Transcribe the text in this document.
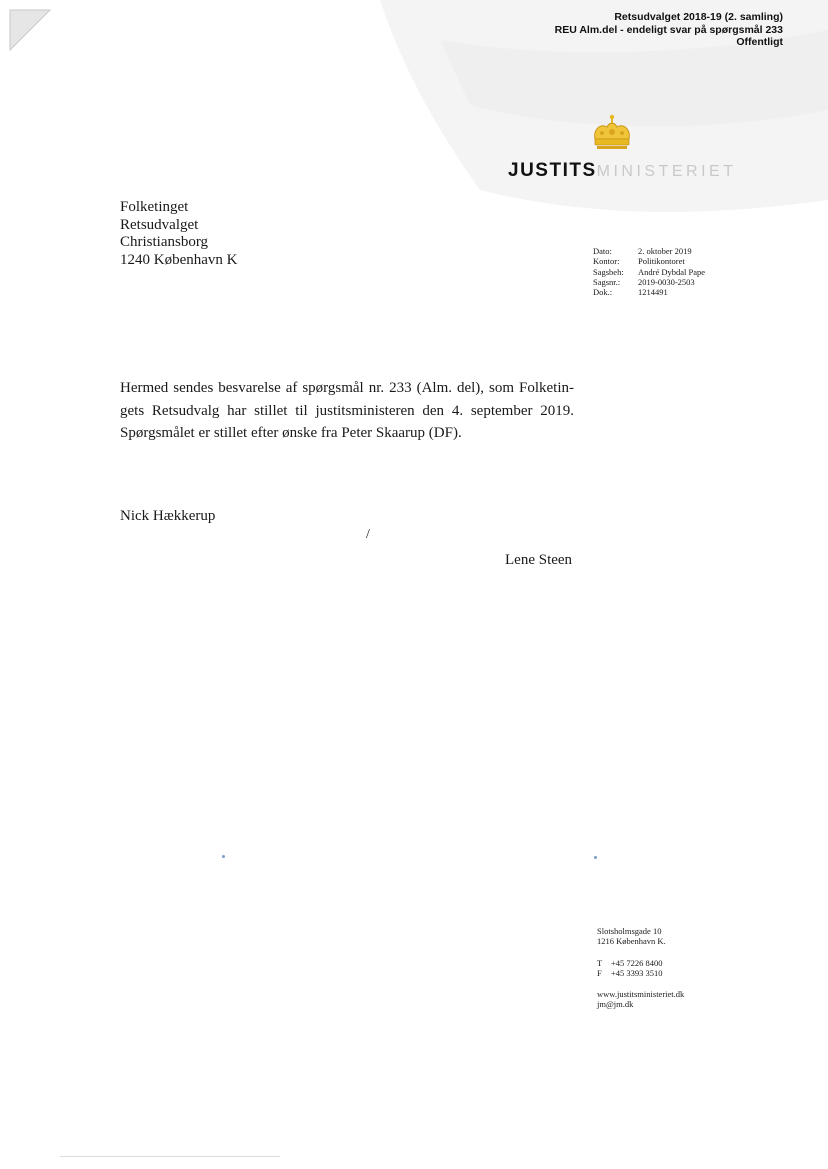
Retsudvalget 2018-19 (2. samling)
REU Alm.del - endeligt svar på spørgsmål 233
Offentligt
JUSTITSMINISTERIET
Folketinget
Retsudvalget
Christiansborg
1240 København K
Dato:	2. oktober 2019
Kontor:	Politikontoret
Sagsbeh:	André Dybdal Pape
Sagsnr.:	2019-0030-2503
Dok.:	1214491
Hermed sendes besvarelse af spørgsmål nr. 233 (Alm. del), som Folketin-
gets Retsudvalg har stillet til justitsministeren den 4. september 2019.
Spørgsmålet er stillet efter ønske fra Peter Skaarup (DF).
Nick Hækkerup
/
Lene Steen
Slotsholmsgade 10
1216 København K.
T +45 7226 8400
F +45 3393 3510
www.justitsministeriet.dk
jm@jm.dk
